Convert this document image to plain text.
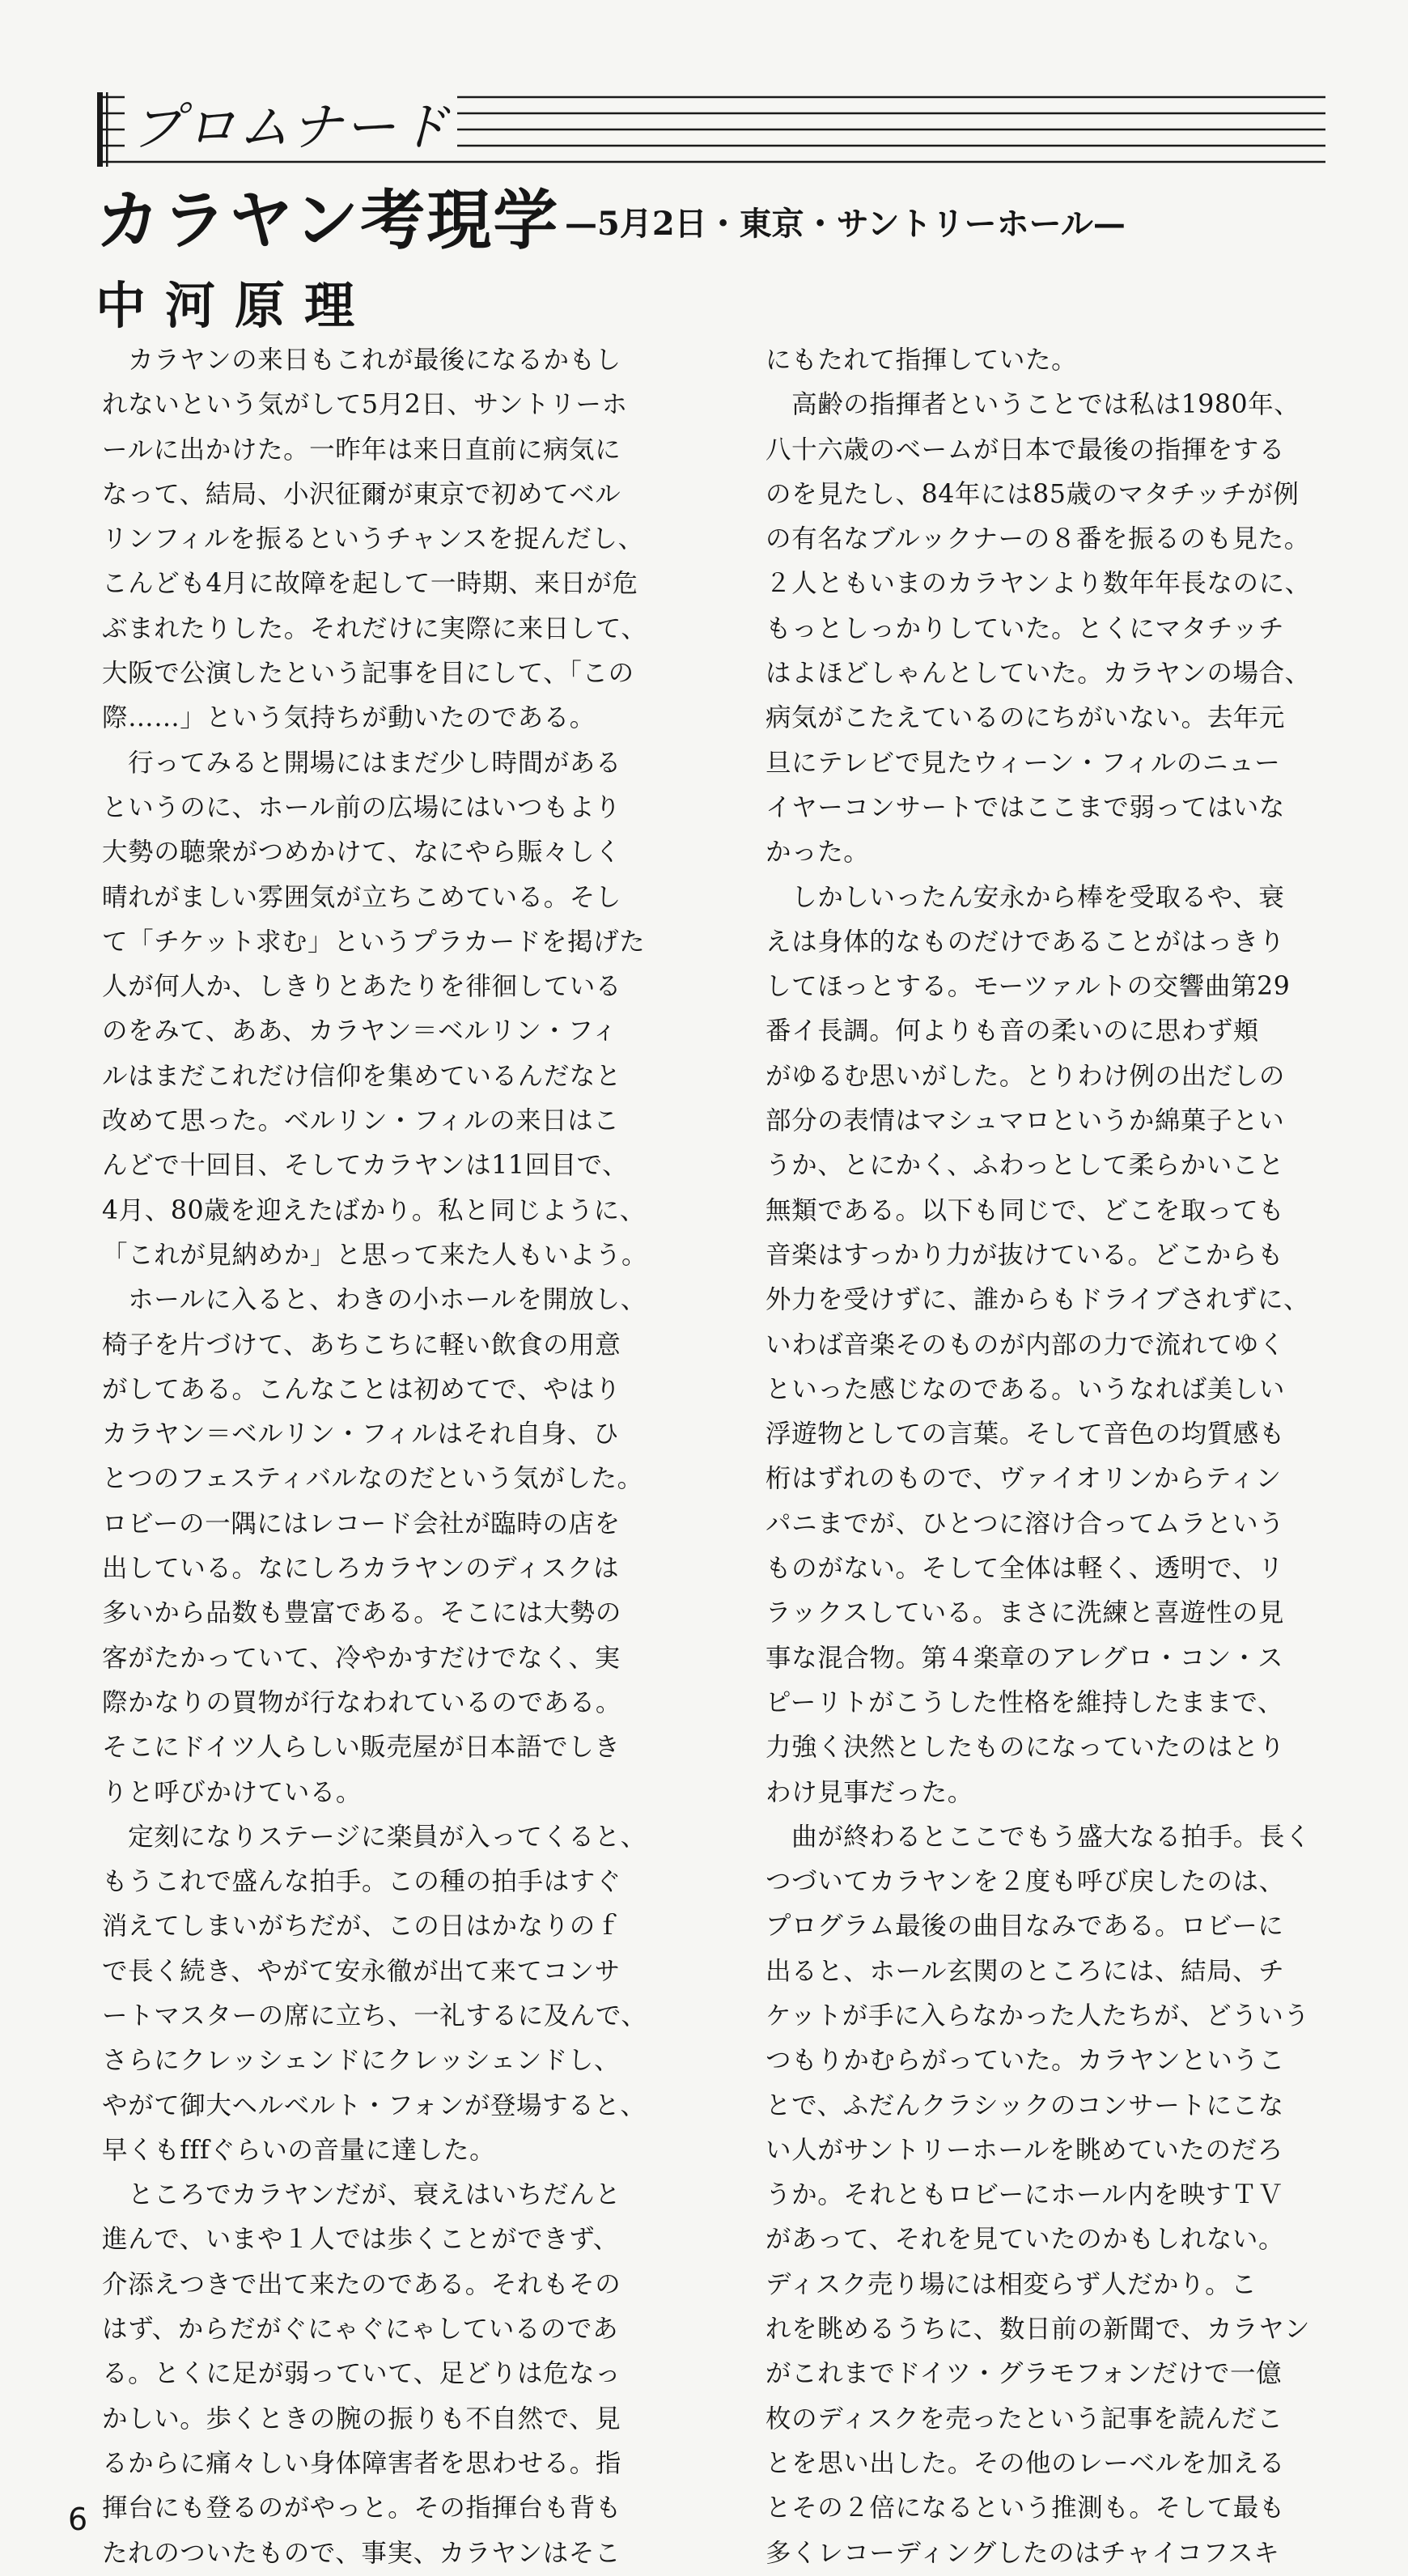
プロムナード
カラヤン考現学 —5月2日・東京・サントリーホール—
中河原理
　カラヤンの来日もこれが最後になるかもし
れないという気がして5月2日、サントリーホ
ールに出かけた。一昨年は来日直前に病気に
なって、結局、小沢征爾が東京で初めてベル
リンフィルを振るというチャンスを捉んだし、
こんども4月に故障を起して一時期、来日が危
ぶまれたりした。それだけに実際に来日して、
大阪で公演したという記事を目にして、「この
際……」という気持ちが動いたのである。
　行ってみると開場にはまだ少し時間がある
というのに、ホール前の広場にはいつもより
大勢の聴衆がつめかけて、なにやら賑々しく
晴れがましい雰囲気が立ちこめている。そし
て「チケット求む」というプラカードを掲げた
人が何人か、しきりとあたりを徘徊している
のをみて、ああ、カラヤン＝ベルリン・フィ
ルはまだこれだけ信仰を集めているんだなと
改めて思った。ベルリン・フィルの来日はこ
んどで十回目、そしてカラヤンは11回目で、
4月、80歳を迎えたばかり。私と同じように、
「これが見納めか」と思って来た人もいよう。
　ホールに入ると、わきの小ホールを開放し、
椅子を片づけて、あちこちに軽い飲食の用意
がしてある。こんなことは初めてで、やはり
カラヤン＝ベルリン・フィルはそれ自身、ひ
とつのフェスティバルなのだという気がした。
ロビーの一隅にはレコード会社が臨時の店を
出している。なにしろカラヤンのディスクは
多いから品数も豊富である。そこには大勢の
客がたかっていて、冷やかすだけでなく、実
際かなりの買物が行なわれているのである。
そこにドイツ人らしい販売屋が日本語でしき
りと呼びかけている。
　定刻になりステージに楽員が入ってくると、
もうこれで盛んな拍手。この種の拍手はすぐ
消えてしまいがちだが、この日はかなりのｆ
で長く続き、やがて安永徹が出て来てコンサ
ートマスターの席に立ち、一礼するに及んで、
さらにクレッシェンドにクレッシェンドし、
やがて御大ヘルベルト・フォンが登場すると、
早くもfffぐらいの音量に達した。
　ところでカラヤンだが、衰えはいちだんと
進んで、いまや１人では歩くことができず、
介添えつきで出て来たのである。それもその
はず、からだがぐにゃぐにゃしているのであ
る。とくに足が弱っていて、足どりは危なっ
かしい。歩くときの腕の振りも不自然で、見
るからに痛々しい身体障害者を思わせる。指
揮台にも登るのがやっと。その指揮台も背も
たれのついたもので、事実、カラヤンはそこ
にもたれて指揮していた。
　高齢の指揮者ということでは私は1980年、
八十六歳のベームが日本で最後の指揮をする
のを見たし、84年には85歳のマタチッチが例
の有名なブルックナーの８番を振るのも見た。
２人ともいまのカラヤンより数年年長なのに、
もっとしっかりしていた。とくにマタチッチ
はよほどしゃんとしていた。カラヤンの場合、
病気がこたえているのにちがいない。去年元
旦にテレビで見たウィーン・フィルのニュー
イヤーコンサートではここまで弱ってはいな
かった。
　しかしいったん安永から棒を受取るや、衰
えは身体的なものだけであることがはっきり
してほっとする。モーツァルトの交響曲第29
番イ長調。何よりも音の柔いのに思わず頬
がゆるむ思いがした。とりわけ例の出だしの
部分の表情はマシュマロというか綿菓子とい
うか、とにかく、ふわっとして柔らかいこと
無類である。以下も同じで、どこを取っても
音楽はすっかり力が抜けている。どこからも
外力を受けずに、誰からもドライブされずに、
いわば音楽そのものが内部の力で流れてゆく
といった感じなのである。いうなれば美しい
浮遊物としての言葉。そして音色の均質感も
桁はずれのもので、ヴァイオリンからティン
パニまでが、ひとつに溶け合ってムラという
ものがない。そして全体は軽く、透明で、リ
ラックスしている。まさに洗練と喜遊性の見
事な混合物。第４楽章のアレグロ・コン・ス
ピーリトがこうした性格を維持したままで、
力強く決然としたものになっていたのはとり
わけ見事だった。
　曲が終わるとここでもう盛大なる拍手。長く
つづいてカラヤンを２度も呼び戻したのは、
プログラム最後の曲目なみである。ロビーに
出ると、ホール玄関のところには、結局、チ
ケットが手に入らなかった人たちが、どういう
つもりかむらがっていた。カラヤンというこ
とで、ふだんクラシックのコンサートにこな
い人がサントリーホールを眺めていたのだろ
うか。それともロビーにホール内を映すＴＶ
があって、それを見ていたのかもしれない。
ディスク売り場には相変らず人だかり。こ
れを眺めるうちに、数日前の新聞で、カラヤン
がこれまでドイツ・グラモフォンだけで一億
枚のディスクを売ったという記事を読んだこ
とを思い出した。その他のレーベルを加える
とその２倍になるという推測も。そして最も
多くレコーディングしたのはチャイコフスキ
6
